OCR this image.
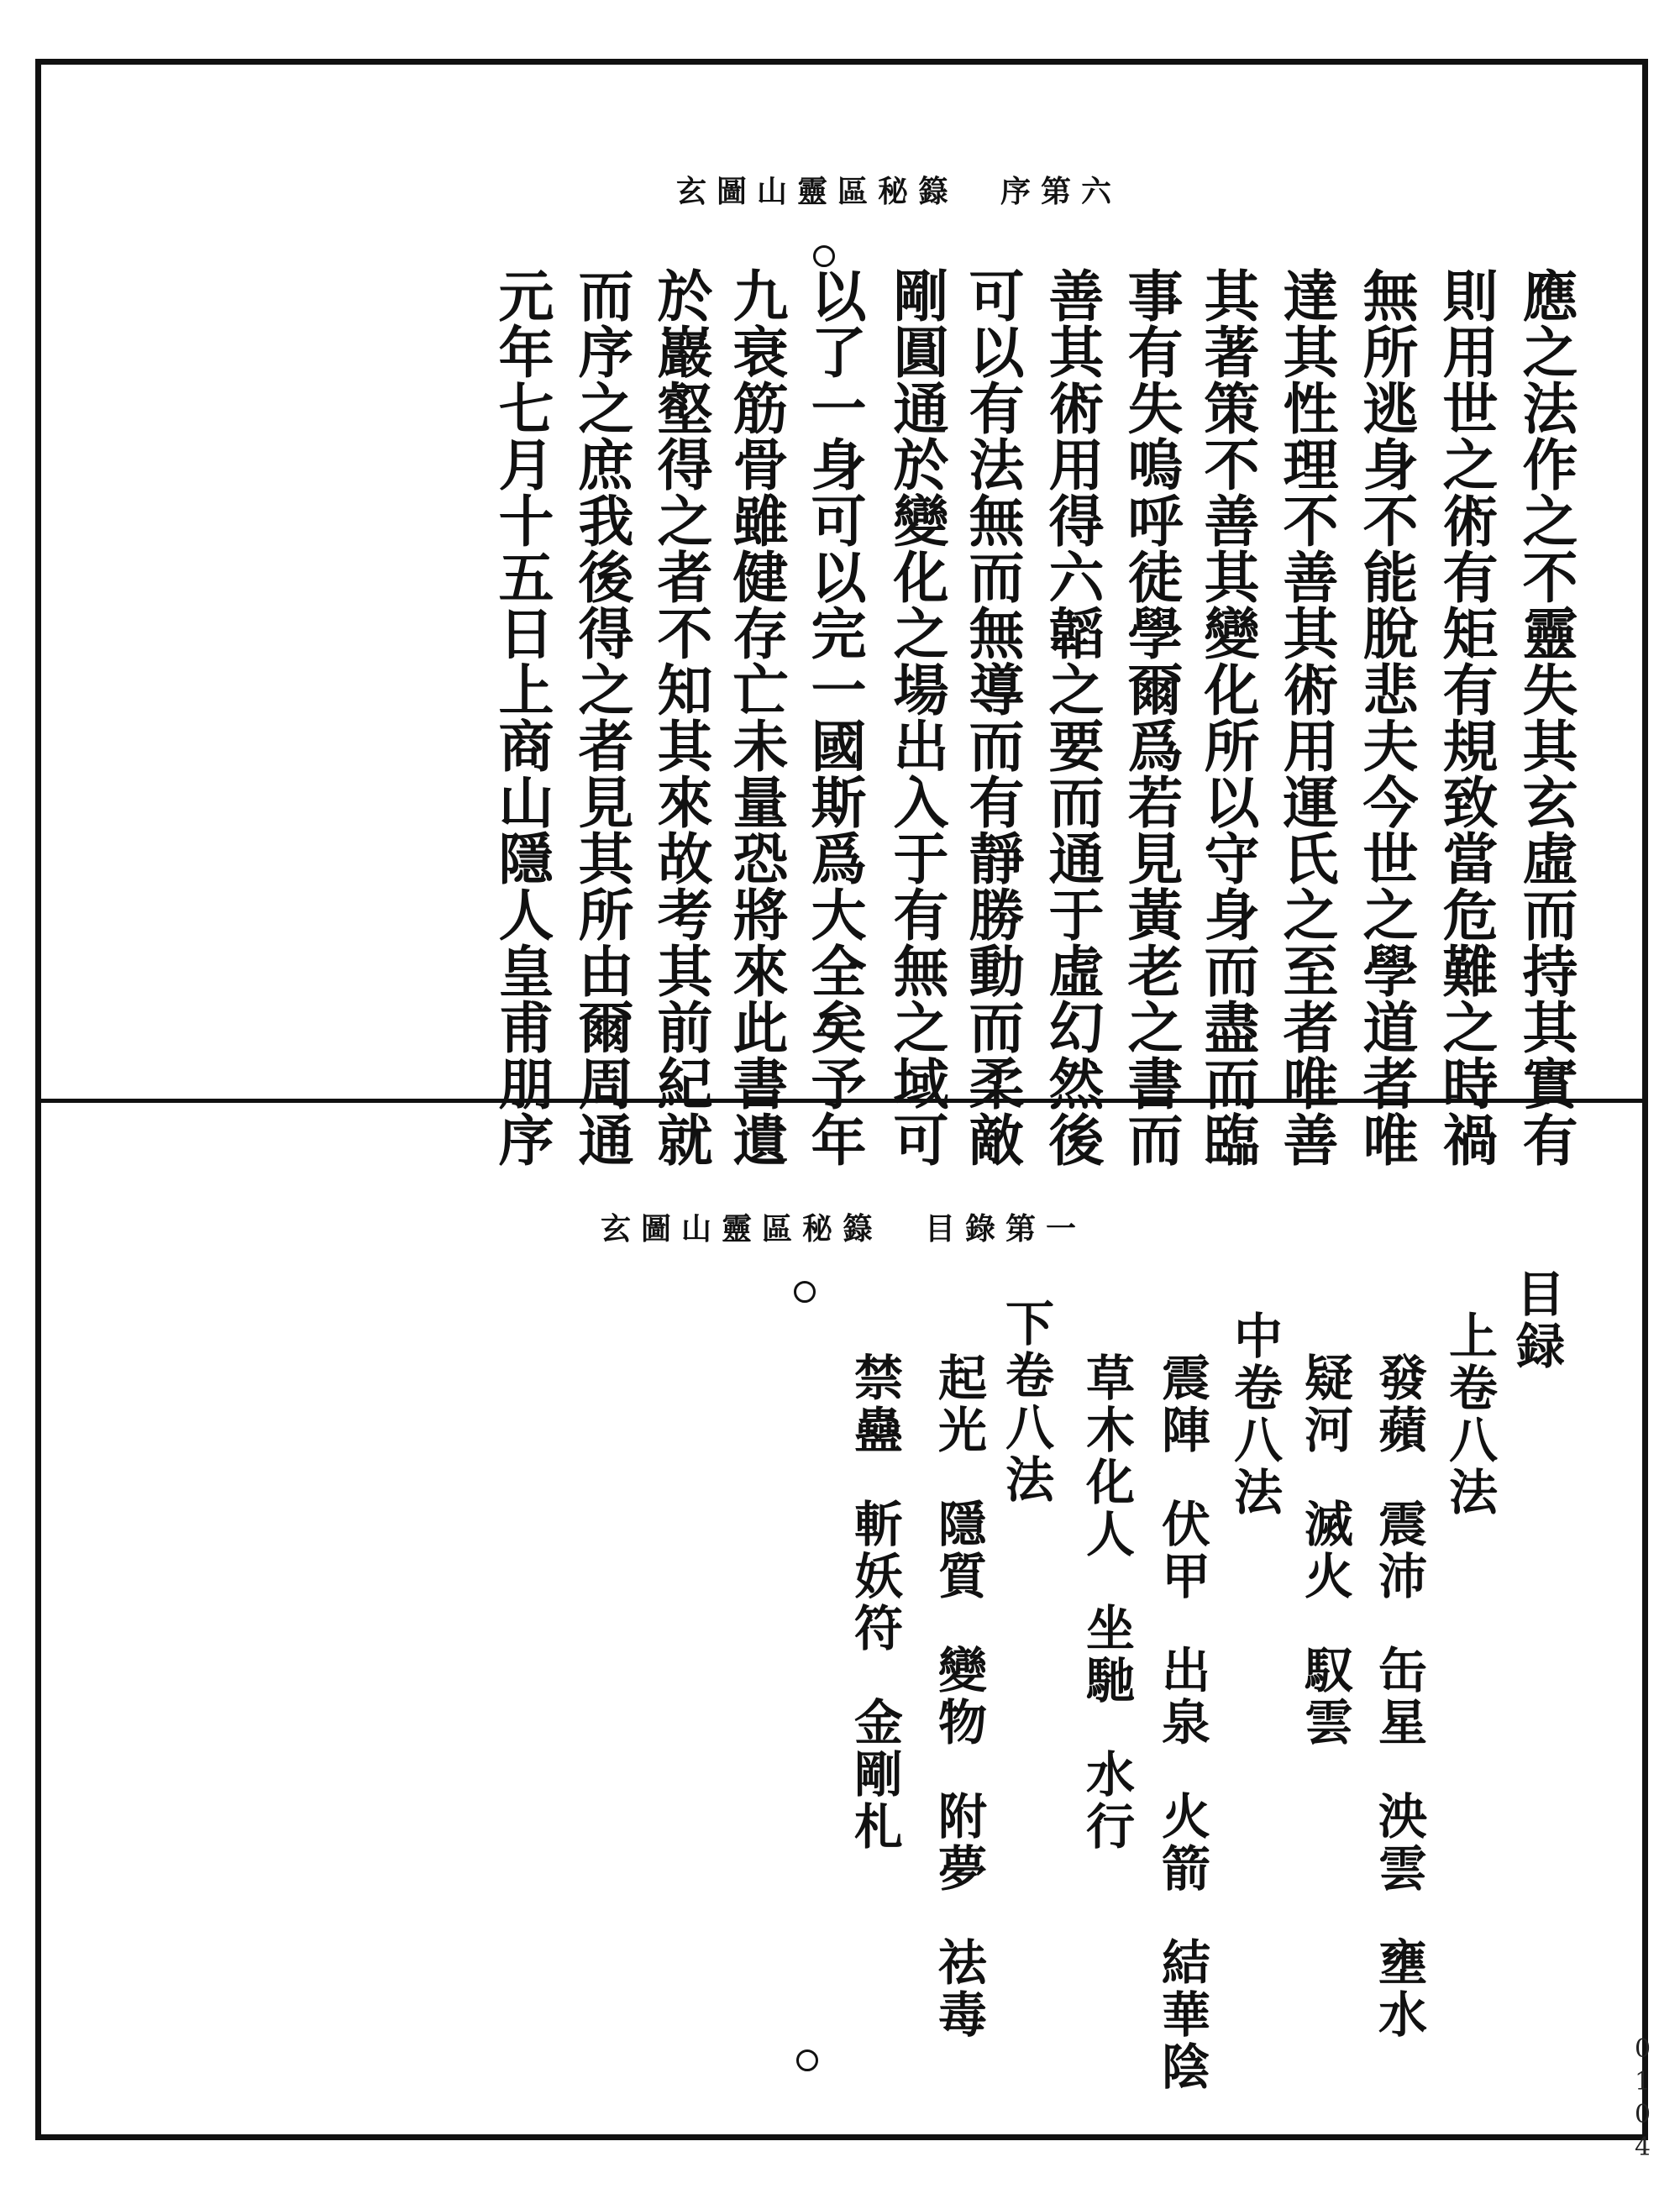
玄圖山靈區秘籙 序第六
應之法作之不靈失其玄虛而持其實有
則用世之術有矩有規致當危難之時禍
無所逃身不能脫悲夫今世之學道者唯
達其性理不善其術用運氏之至者唯善
其著策不善其變化所以守身而盡而臨
事有失嗚呼徒學爾爲若見黃老之書而
善其術用得六韜之要而通于虛幻然後
可以有法無而無導而有靜勝動而柔敵
剛圓通於變化之場出入于有無之域可
以了一身可以完一國斯爲大全矣予年
九衰筋骨雖健存亡未量恐將來此書遺
於巖壑得之者不知其來故考其前紀就
而序之庶我後得之者見其所由爾周通
元年七月十五日上商山隱人皇甫朋序
玄圖山靈區秘籙 目錄第一
目録
上卷八法
發蘋震沛缶星泱雲壅水
疑河滅火馭雲
中卷八法
震陣伏甲出泉火箭結華陰
草木化人坐馳水行
下卷八法
起光隱質變物附夢祛毒
禁蠱斬妖符金剛札
0104
